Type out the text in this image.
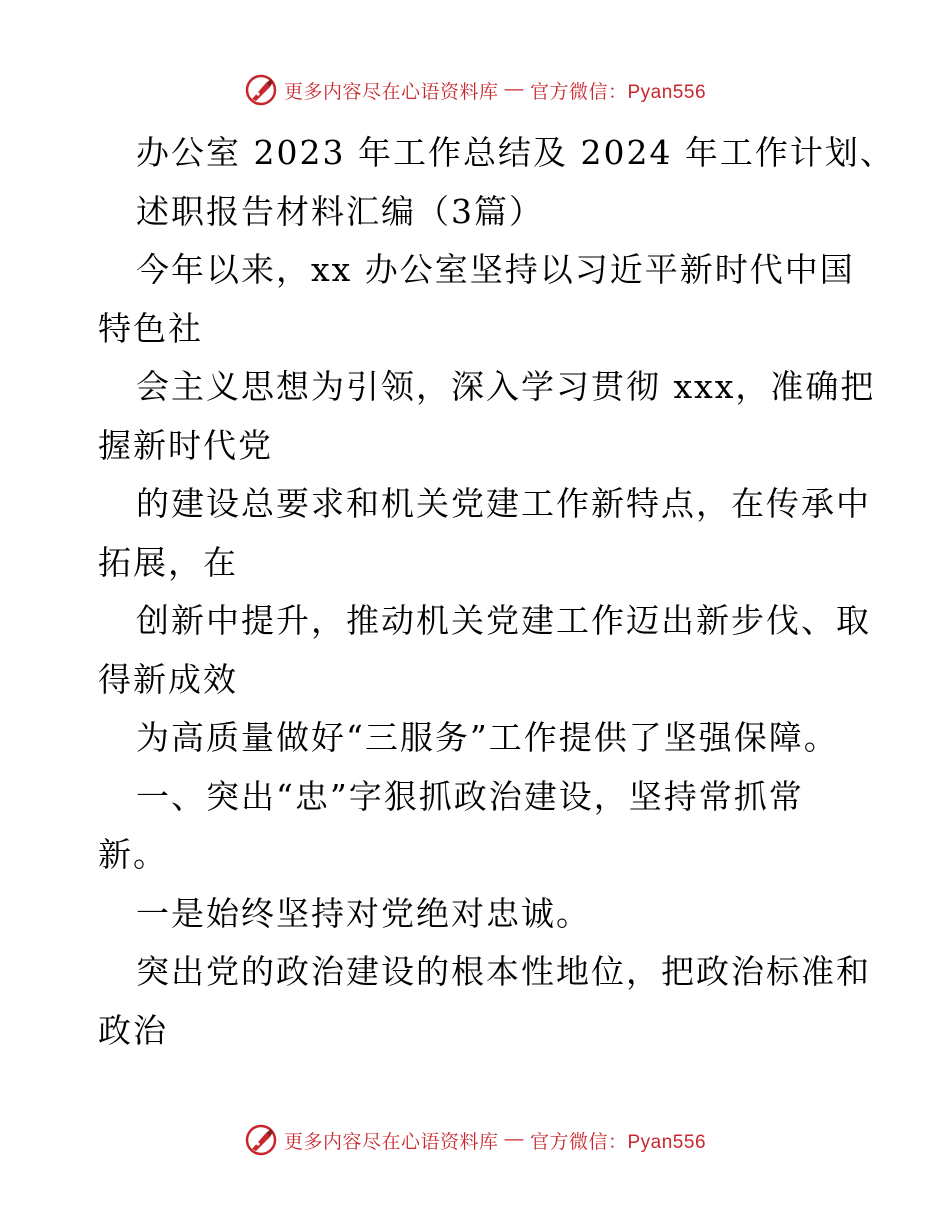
更多内容尽在心语资料库 — 官方微信：Pyan556
办公室 2023 年工作总结及 2024 年工作计划、
述职报告材料汇编（3篇）
今年以来，xx 办公室坚持以习近平新时代中国
特色社
会主义思想为引领，深入学习贯彻 xxx，准确把
握新时代党
的建设总要求和机关党建工作新特点，在传承中
拓展，在
创新中提升，推动机关党建工作迈出新步伐、取
得新成效
为高质量做好“三服务”工作提供了坚强保障。
一、突出“忠”字狠抓政治建设，坚持常抓常
新。
一是始终坚持对党绝对忠诚。
突出党的政治建设的根本性地位，把政治标准和
政治
更多内容尽在心语资料库 — 官方微信：Pyan556
